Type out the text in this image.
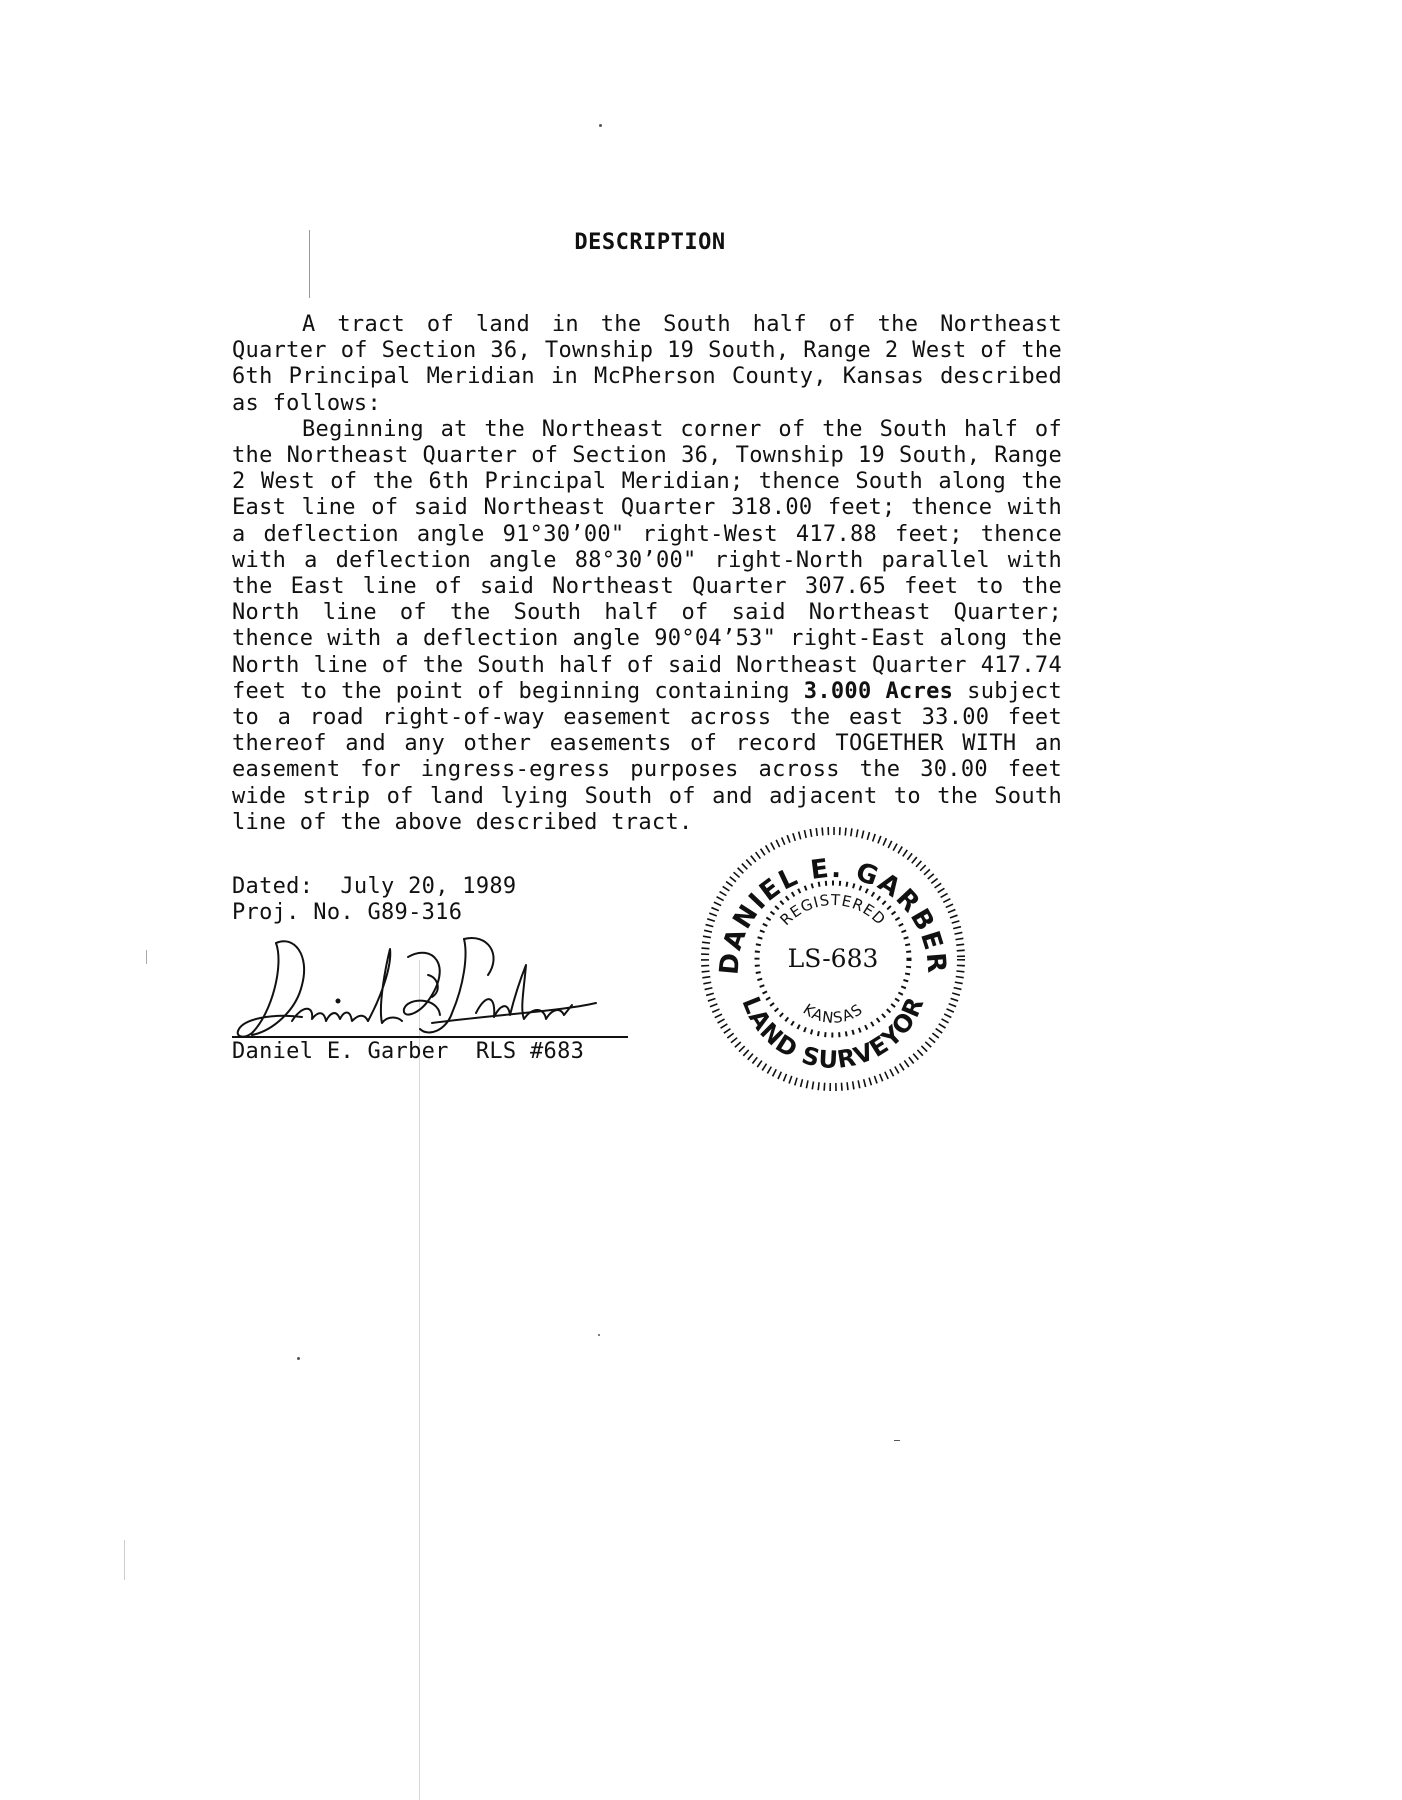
DESCRIPTION

A tract of land in the South half of the Northeast Quarter of Section 36, Township 19 South, Range 2 West of the 6th Principal Meridian in McPherson County, Kansas described as follows:

Beginning at the Northeast corner of the South half of the Northeast Quarter of Section 36, Township 19 South, Range 2 West of the 6th Principal Meridian; thence South along the East line of said Northeast Quarter 318.00 feet; thence with a deflection angle 91°30’00" right-West 417.88 feet; thence with a deflection angle 88°30’00" right-North parallel with the East line of said Northeast Quarter 307.65 feet to the North line of the South half of said Northeast Quarter; thence with a deflection angle 90°04’53" right-East along the North line of the South half of said Northeast Quarter 417.74 feet to the point of beginning containing 3.000 Acres subject to a road right-of-way easement across the east 33.00 feet thereof and any other easements of record TOGETHER WITH an easement for ingress-egress purposes across the 30.00 feet wide strip of land lying South of and adjacent to the South line of the above described tract.

Dated: July 20, 1989
Proj. No. G89-316
Daniel E. Garber RLS #683
DANIEL E. GARBER
LAND SURVEYOR
REGISTERED
KANSAS
LS-683
